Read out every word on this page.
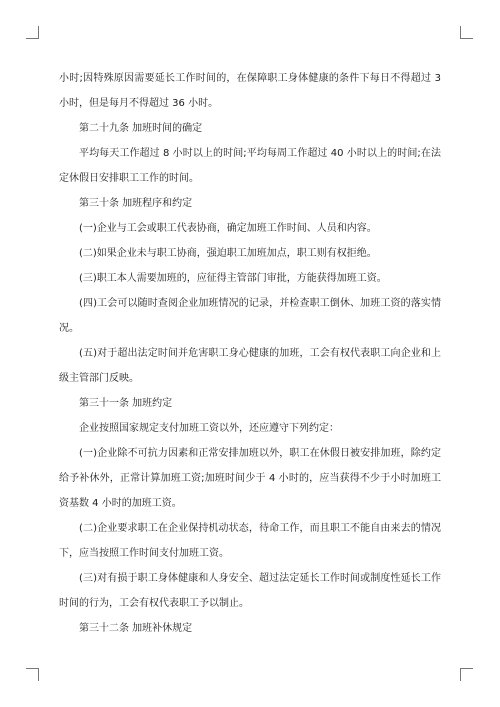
小时;因特殊原因需要延长工作时间的，在保障职工身体健康的条件下每日不得超过 3 小时，但是每月不得超过 36 小时。

第二十九条 加班时间的确定

平均每天工作超过 8 小时以上的时间;平均每周工作超过 40 小时以上的时间;在法定休假日安排职工工作的时间。

第三十条 加班程序和约定

(一)企业与工会或职工代表协商，确定加班工作时间、人员和内容。

(二)如果企业未与职工协商，强迫职工加班加点，职工则有权拒绝。

(三)职工本人需要加班的，应征得主管部门审批，方能获得加班工资。

(四)工会可以随时查阅企业加班情况的记录，并检查职工倒休、加班工资的落实情况。

(五)对于超出法定时间并危害职工身心健康的加班，工会有权代表职工向企业和上级主管部门反映。

第三十一条 加班约定

企业按照国家规定支付加班工资以外，还应遵守下列约定：

(一)企业除不可抗力因素和正常安排加班以外，职工在休假日被安排加班，除约定给予补休外，正常计算加班工资;加班时间少于 4 小时的，应当获得不少于小时加班工资基数 4 小时的加班工资。

(二)企业要求职工在企业保持机动状态，待命工作，而且职工不能自由来去的情况下，应当按照工作时间支付加班工资。

(三)对有损于职工身体健康和人身安全、超过法定延长工作时间或制度性延长工作时间的行为，工会有权代表职工予以制止。

第三十二条 加班补休规定
